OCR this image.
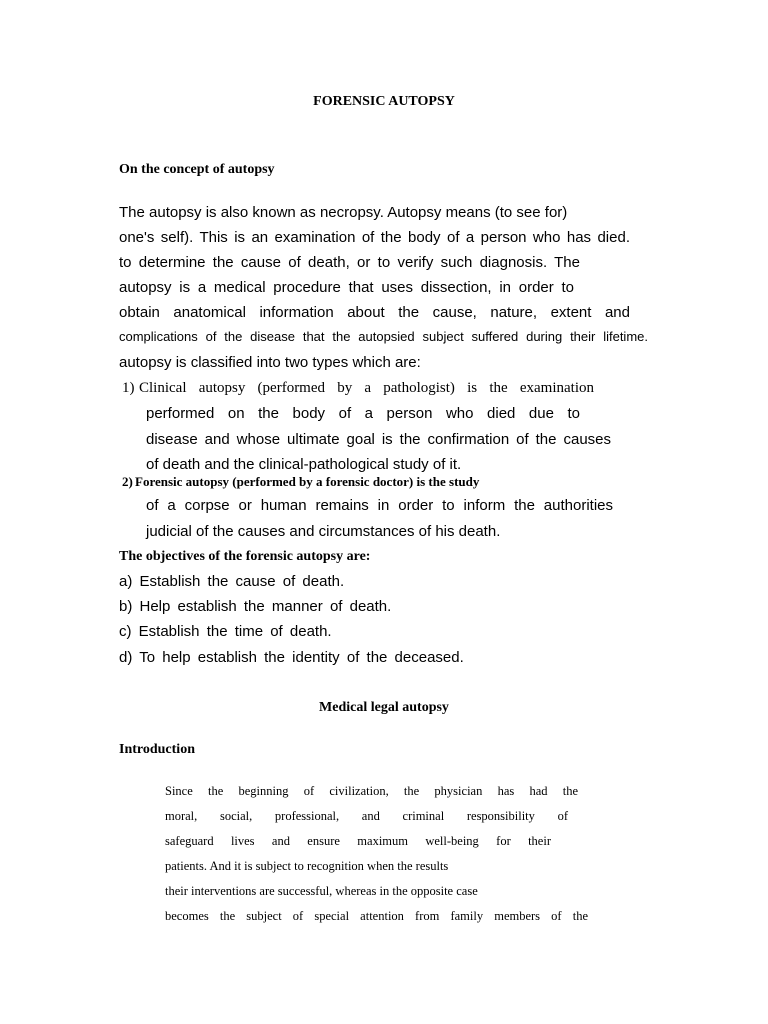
FORENSIC AUTOPSY
On the concept of autopsy
The autopsy is also known as necropsy. Autopsy means (to see for)
one's self). This is an examination of the body of a person who has died.
to determine the cause of death, or to verify such diagnosis. The
autopsy is a medical procedure that uses dissection, in order to
obtain anatomical information about the cause, nature, extent and
complications of the disease that the autopsied subject suffered during their lifetime.
autopsy is classified into two types which are:
1) Clinical autopsy (performed by a pathologist) is the examination
performed on the body of a person who died due to
disease and whose ultimate goal is the confirmation of the causes
of death and the clinical-pathological study of it.
2) Forensic autopsy (performed by a forensic doctor) is the study
of a corpse or human remains in order to inform the authorities
judicial of the causes and circumstances of his death.
The objectives of the forensic autopsy are:
a) Establish the cause of death.
b) Help establish the manner of death.
c) Establish the time of death.
d) To help establish the identity of the deceased.
Medical legal autopsy
Introduction
Since the beginning of civilization, the physician has had the
moral, social, professional, and criminal responsibility of
safeguard lives and ensure maximum well-being for their
patients. And it is subject to recognition when the results
their interventions are successful, whereas in the opposite case
becomes the subject of special attention from family members of the
